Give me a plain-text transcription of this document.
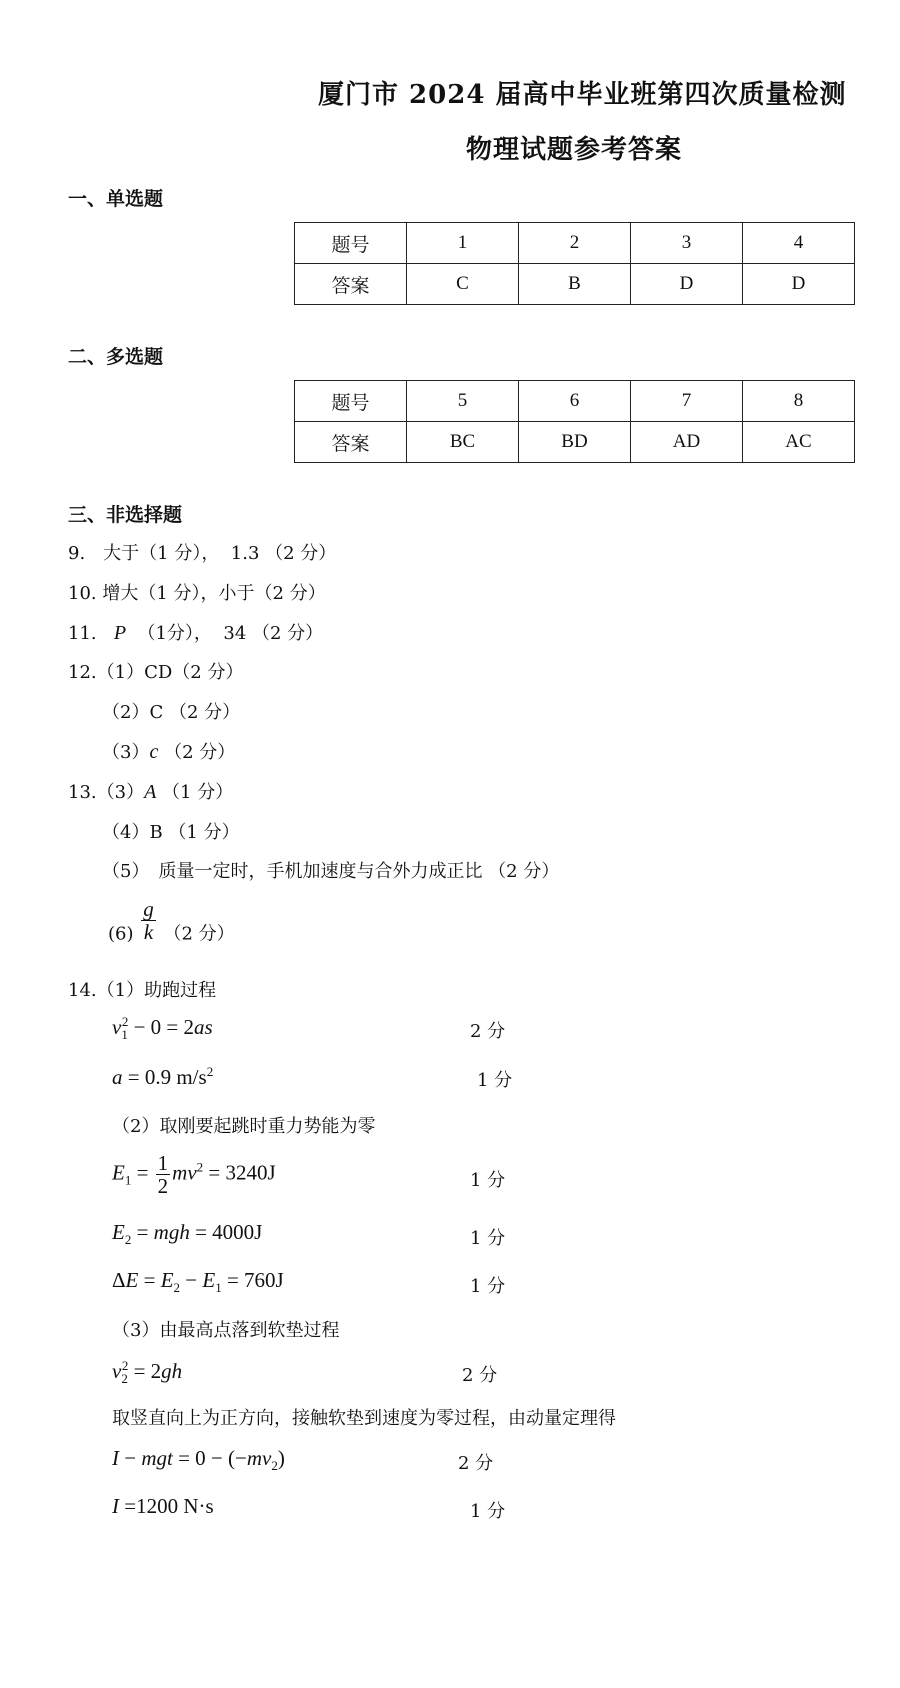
厦门市 2024 届高中毕业班第四次质量检测
物理试题参考答案
一、单选题
题号	1	2	3	4
答案	C	B	D	D
二、多选题
题号	5	6	7	8
答案	BC	BD	AD	AC
三、非选择题
9.　大于（1 分），  1.3 （2 分）
10. 增大（1 分），小于（2 分）
11. P （1分），  34 （2 分）
12.（1）CD（2 分）
（2）C （2 分）
（3）c （2 分）
13.（3）A （1 分）
（4）B （1 分）
（5）　质量一定时，手机加速度与合外力成正比 （2 分）
$(6) \frac{g}{k} (2$ 分）
14.（1）助跑过程
$v_1^2 - 0 = 2as$	2 分
a = 0.9 $m/s^2$	1 分
（2）取刚要起跳时重力势能为零
$E_1 = \frac{1}{2} mv^2 = 3240J$	1 分
$E_2$ = mgh = 4000J	1 分
$\Delta E = E_2 - E_1 = 760J$	1 分
（3）由最高点落到软垫过程
$v_2^2 = 2gh$	2 分
取竖直向上为正方向，接触软垫到速度为零过程，由动量定理得
I − mgt = $0 - (-mv_2)$	2 分
I =1200 N·s	1 分
